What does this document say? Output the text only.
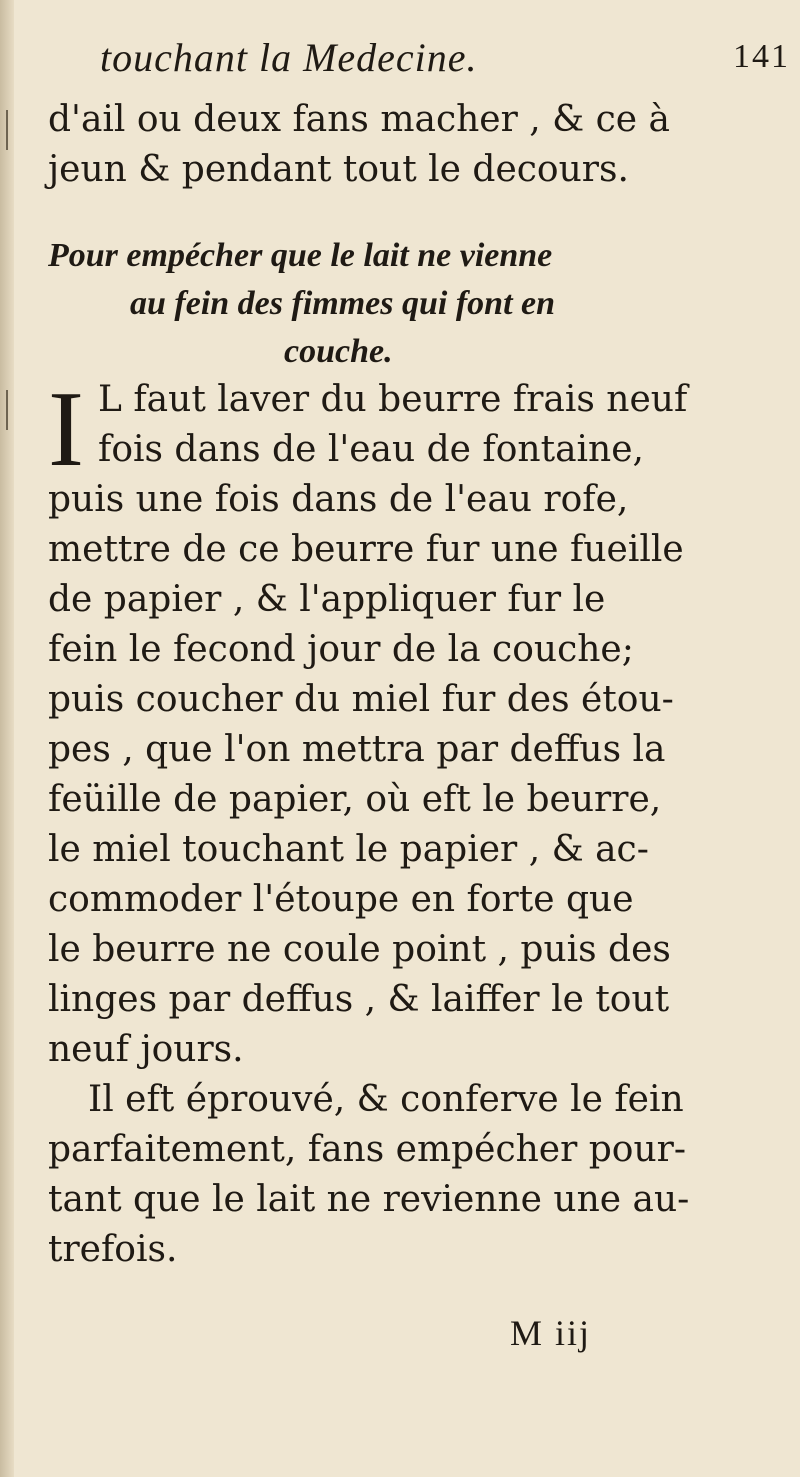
touchant la Medecine.	141
d'ail ou deux fans macher , & ce à
jeun & pendant tout le decours.
Pour empécher que le lait ne vienne
au fein des fimmes qui font en
couche.
I L faut laver du beurre frais neuf
fois dans de l'eau de fontaine,
puis une fois dans de l'eau rofe,
mettre de ce beurre fur une fueille
de papier , & l'appliquer fur le
fein le fecond jour de la couche;
puis coucher du miel fur des étou-
pes , que l'on mettra par deffus la
feüille de papier, où eft le beurre,
le miel touchant le papier , & ac-
commoder l'étoupe en forte que
le beurre ne coule point , puis des
linges par deffus , & laiffer le tout
neuf jours.
Il eft éprouvé, & conferve le fein
parfaitement, fans empécher pour-
tant que le lait ne revienne une au-
trefois.
M iij
